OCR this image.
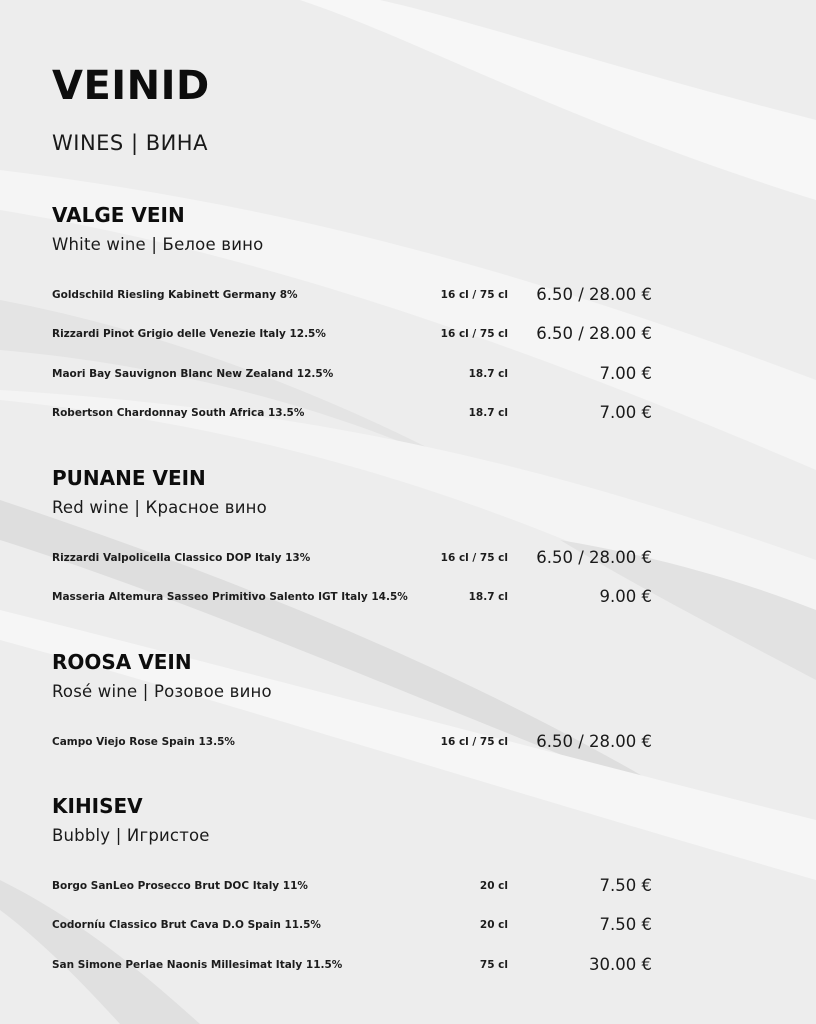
VEINID
WINES | ВИНА
VALGE VEIN
White wine | Белое вино
Goldschild Riesling Kabinett Germany 8%	16 cl / 75 cl 6.50 / 28.00 €
Rizzardi Pinot Grigio delle Venezie Italy 12.5%	16 cl / 75 cl 6.50 / 28.00 €
Maori Bay Sauvignon Blanc New Zealand 12.5%	18.7 cl	7.00 €
Robertson Chardonnay South Africa 13.5%	18.7 cl	7.00 €
PUNANE VEIN
Red wine | Красное вино
Rizzardi Valpolicella Classico DOP Italy 13%	16 cl / 75 cl 6.50 / 28.00 €
Masseria Altemura Sasseo Primitivo Salento IGT Italy 14.5%	18.7 cl	9.00 €
ROOSA VEIN
Rosé wine | Розовое вино
Campo Viejo Rose Spain 13.5%	16 cl / 75 cl 6.50 / 28.00 €
KIHISEV
Bubbly | Игристое
Borgo SanLeo Prosecco Brut DOC Italy 11%	20 cl	7.50 €
Codorníu Classico Brut Cava D.O Spain 11.5%	20 cl	7.50 €
San Simone Perlae Naonis Millesimat Italy 11.5%	75 cl	30.00 €
